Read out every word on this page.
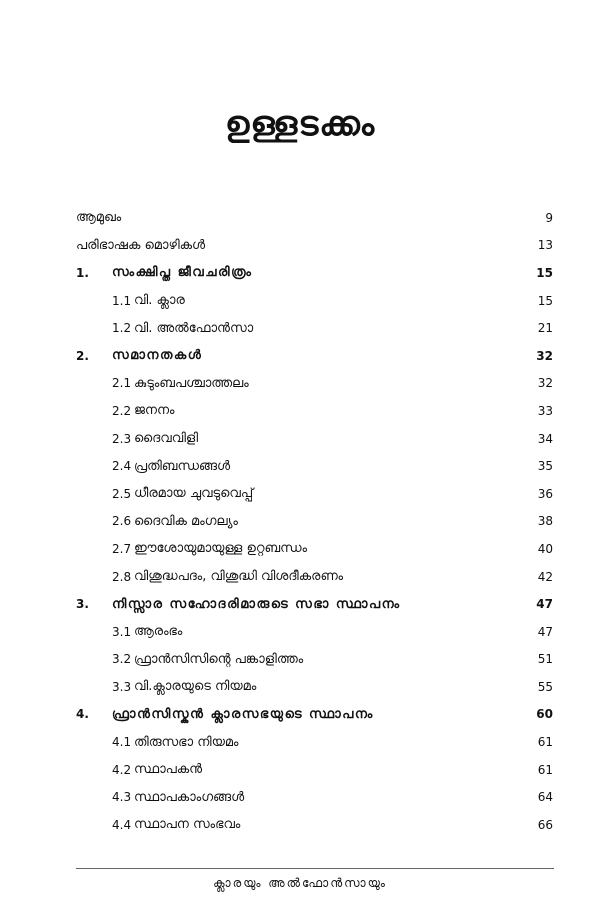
ഉള്ളടക്കം
ആമുഖം	9
പരിഭാഷക മൊഴികൾ	13
1.	സംക്ഷിപ്ത ജീവചരിത്രം	15
1.1 വി. ക്ലാര	15
1.2 വി. അൽഫോൻസാ	21
2.	സമാനതകൾ	32
2.1 കുടുംബപശ്ചാത്തലം	32
2.2 ജനനം	33
2.3 ദൈവവിളി	34
2.4 പ്രതിബന്ധങ്ങൾ	35
2.5 ധീരമായ ചുവടുവെപ്പ്	36
2.6 ദൈവിക മംഗല്യം	38
2.7 ഈശോയുമായുള്ള ഉറ്റബന്ധം	40
2.8 വിശുദ്ധപദം, വിശുദ്ധി വിശദീകരണം	42
3.	നിസ്സാര സഹോദരിമാരുടെ സഭാ സ്ഥാപനം	47
3.1 ആരംഭം	47
3.2 ഫ്രാൻസിസിന്റെ പങ്കാളിത്തം	51
3.3 വി.ക്ലാരയുടെ നിയമം	55
4.	ഫ്രാൻസിസ്കൻ ക്ലാരസഭയുടെ സ്ഥാപനം	60
4.1 തിരുസഭാ നിയമം	61
4.2 സ്ഥാപകൻ	61
4.3 സ്ഥാപകാംഗങ്ങൾ	64
4.4 സ്ഥാപന സംഭവം	66
ക്ലാരയും അൽഫോൻസായും
